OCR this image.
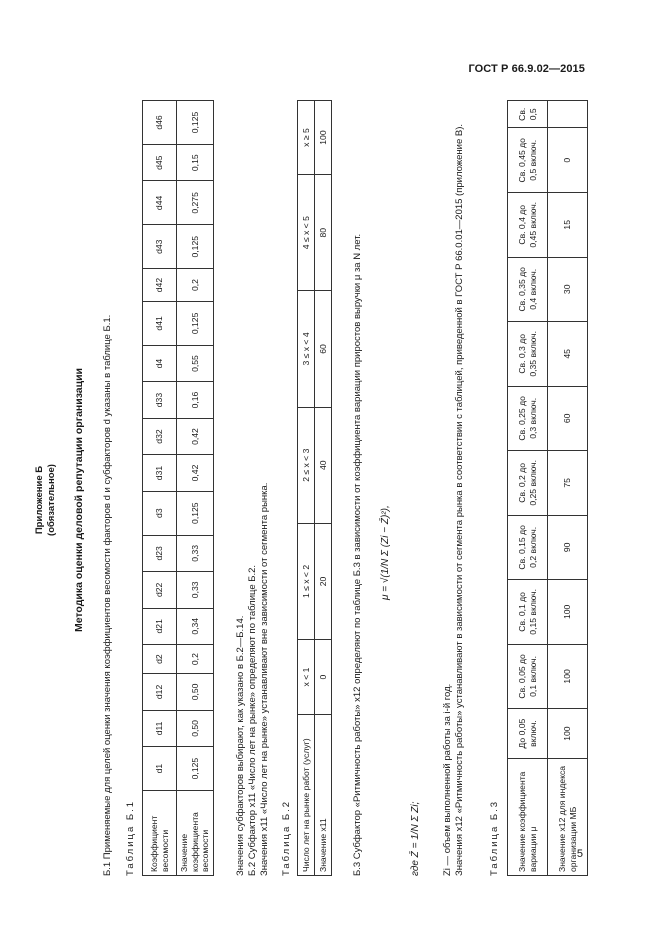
ГОСТ Р 66.9.02—2015
5
Приложение Б (обязательное) Методика оценки деловой репутации организации Б.1 Применяемые для целей оценки значения коэффициентов весомости факторов d и субфакторов d указаны в таблице Б.1. Таблица Б.1 Коэффициент весомости	d1	d11	d12	d2	d21	d22	d23	d3	d31	d32	d33	d4	d41	d42	d43	d44	d45	d46
Значение коэффициента весомости	0,125	0,50	0,50	0,2	0,34	0,33	0,33	0,125	0,42	0,42	0,16	0,55	0,125	0,2	0,125	0,275	0,15	0,125
Значения субфакторов выбирают, как указано в Б.2—Б.14. Б.2 Субфактор x11 «Число лет на рынке» определяют по таблице Б.2. Значения x11 «Число лет на рынке» устанавливают вне зависимости от сегмента рынка. Таблица Б.2 Число лет на рынке работ (услуг)	x < 1	1 ≤ x < 2	2 ≤ x < 3	3 ≤ x < 4	4 ≤ x < 5	x ≥ 5
Значение x11	0	20	40	60	80	100
Б.3 Субфактор «Ритмичность работы» x12 определяют по таблице Б.3 в зависимости от коэффициента вариации приростов выручки μ за N лет. μ = √(1/N Σ (Zi − Z̄)²),
где Z̄ = 1/N Σ Zi; Zi — объем выполненной работы за i-й год. Значения x12 «Ритмичность работы» устанавливают в зависимости от сегмента рынка в соответствии с таблицей, приведенной в ГОСТ Р 66.0.01—2015 (приложение В).	Таблица Б.3 Значение коэффициента вариации μ	До 0,05 включ.	Св. 0,05 до 0,1 включ.	Св. 0,1 до 0,15 включ.	Св. 0,15 до 0,2 включ.	Св. 0,2 до 0,25 включ.	Св. 0,25 до 0,3 включ.	Св. 0,3 до 0,35 включ.	Св. 0,35 до 0,4 включ.	Св. 0,4 до 0,45 включ.	Св. 0,45 до 0,5 включ.	Св. 0,5
Значение x12 для индекса организации МБ	100	100	100	90	75	60	45	30	15	0	
